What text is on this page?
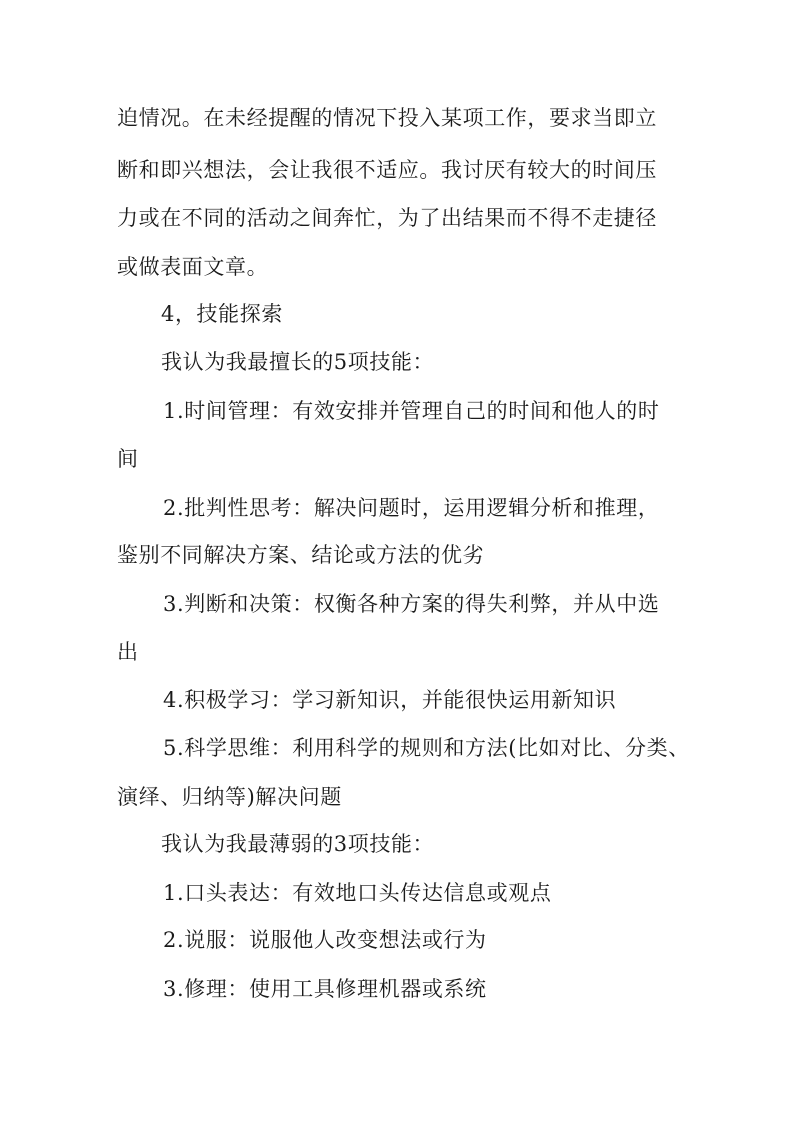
迫情况。在未经提醒的情况下投入某项工作，要求当即立
断和即兴想法，会让我很不适应。我讨厌有较大的时间压
力或在不同的活动之间奔忙，为了出结果而不得不走捷径
或做表面文章。
4，技能探索
我认为我最擅长的5项技能：
1.时间管理：有效安排并管理自己的时间和他人的时
间
2.批判性思考：解决问题时，运用逻辑分析和推理，
鉴别不同解决方案、结论或方法的优劣
3.判断和决策：权衡各种方案的得失利弊，并从中选
出
4.积极学习：学习新知识，并能很快运用新知识
5.科学思维：利用科学的规则和方法(比如对比、分类、
演绎、归纳等)解决问题
我认为我最薄弱的3项技能：
1.口头表达：有效地口头传达信息或观点
2.说服：说服他人改变想法或行为
3.修理：使用工具修理机器或系统
